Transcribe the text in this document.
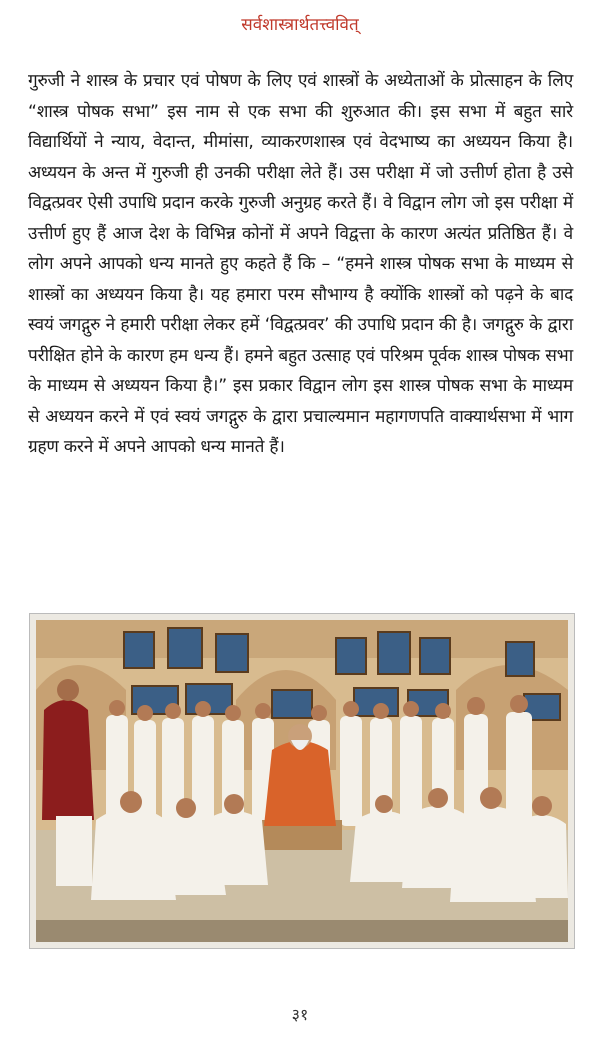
सर्वशास्त्रार्थतत्त्ववित्

गुरुजी ने शास्त्र के प्रचार एवं पोषण के लिए एवं शास्त्रों के अध्येताओं के प्रोत्साहन के लिए “शास्त्र पोषक सभा” इस नाम से एक सभा की शुरुआत की। इस सभा में बहुत सारे विद्यार्थियों ने न्याय, वेदान्त, मीमांसा, व्याकरणशास्त्र एवं वेदभाष्य का अध्ययन किया है। अध्ययन के अन्त में गुरुजी ही उनकी परीक्षा लेते हैं। उस परीक्षा में जो उत्तीर्ण होता है उसे विद्वत्प्रवर ऐसी उपाधि प्रदान करके गुरुजी अनुग्रह करते हैं। वे विद्वान लोग जो इस परीक्षा में उत्तीर्ण हुए हैं आज देश के विभिन्न कोनों में अपने विद्वत्ता के कारण अत्यंत प्रतिष्ठित हैं। वे लोग अपने आपको धन्य मानते हुए कहते हैं कि – “हमने शास्त्र पोषक सभा के माध्यम से शास्त्रों का अध्ययन किया है। यह हमारा परम सौभाग्य है क्योंकि शास्त्रों को पढ़ने के बाद स्वयं जगद्गुरु ने हमारी परीक्षा लेकर हमें ‘विद्वत्प्रवर’ की उपाधि प्रदान की है। जगद्गुरु के द्वारा परीक्षित होने के कारण हम धन्य हैं। हमने बहुत उत्साह एवं परिश्रम पूर्वक शास्त्र पोषक सभा के माध्यम से अध्ययन किया है।” इस प्रकार विद्वान लोग इस शास्त्र पोषक सभा के माध्यम से अध्ययन करने में एवं स्वयं जगद्गुरु के द्वारा प्रचाल्यमान महागणपति वाक्यार्थसभा में भाग ग्रहण करने में अपने आपको धन्य मानते हैं।

३१
